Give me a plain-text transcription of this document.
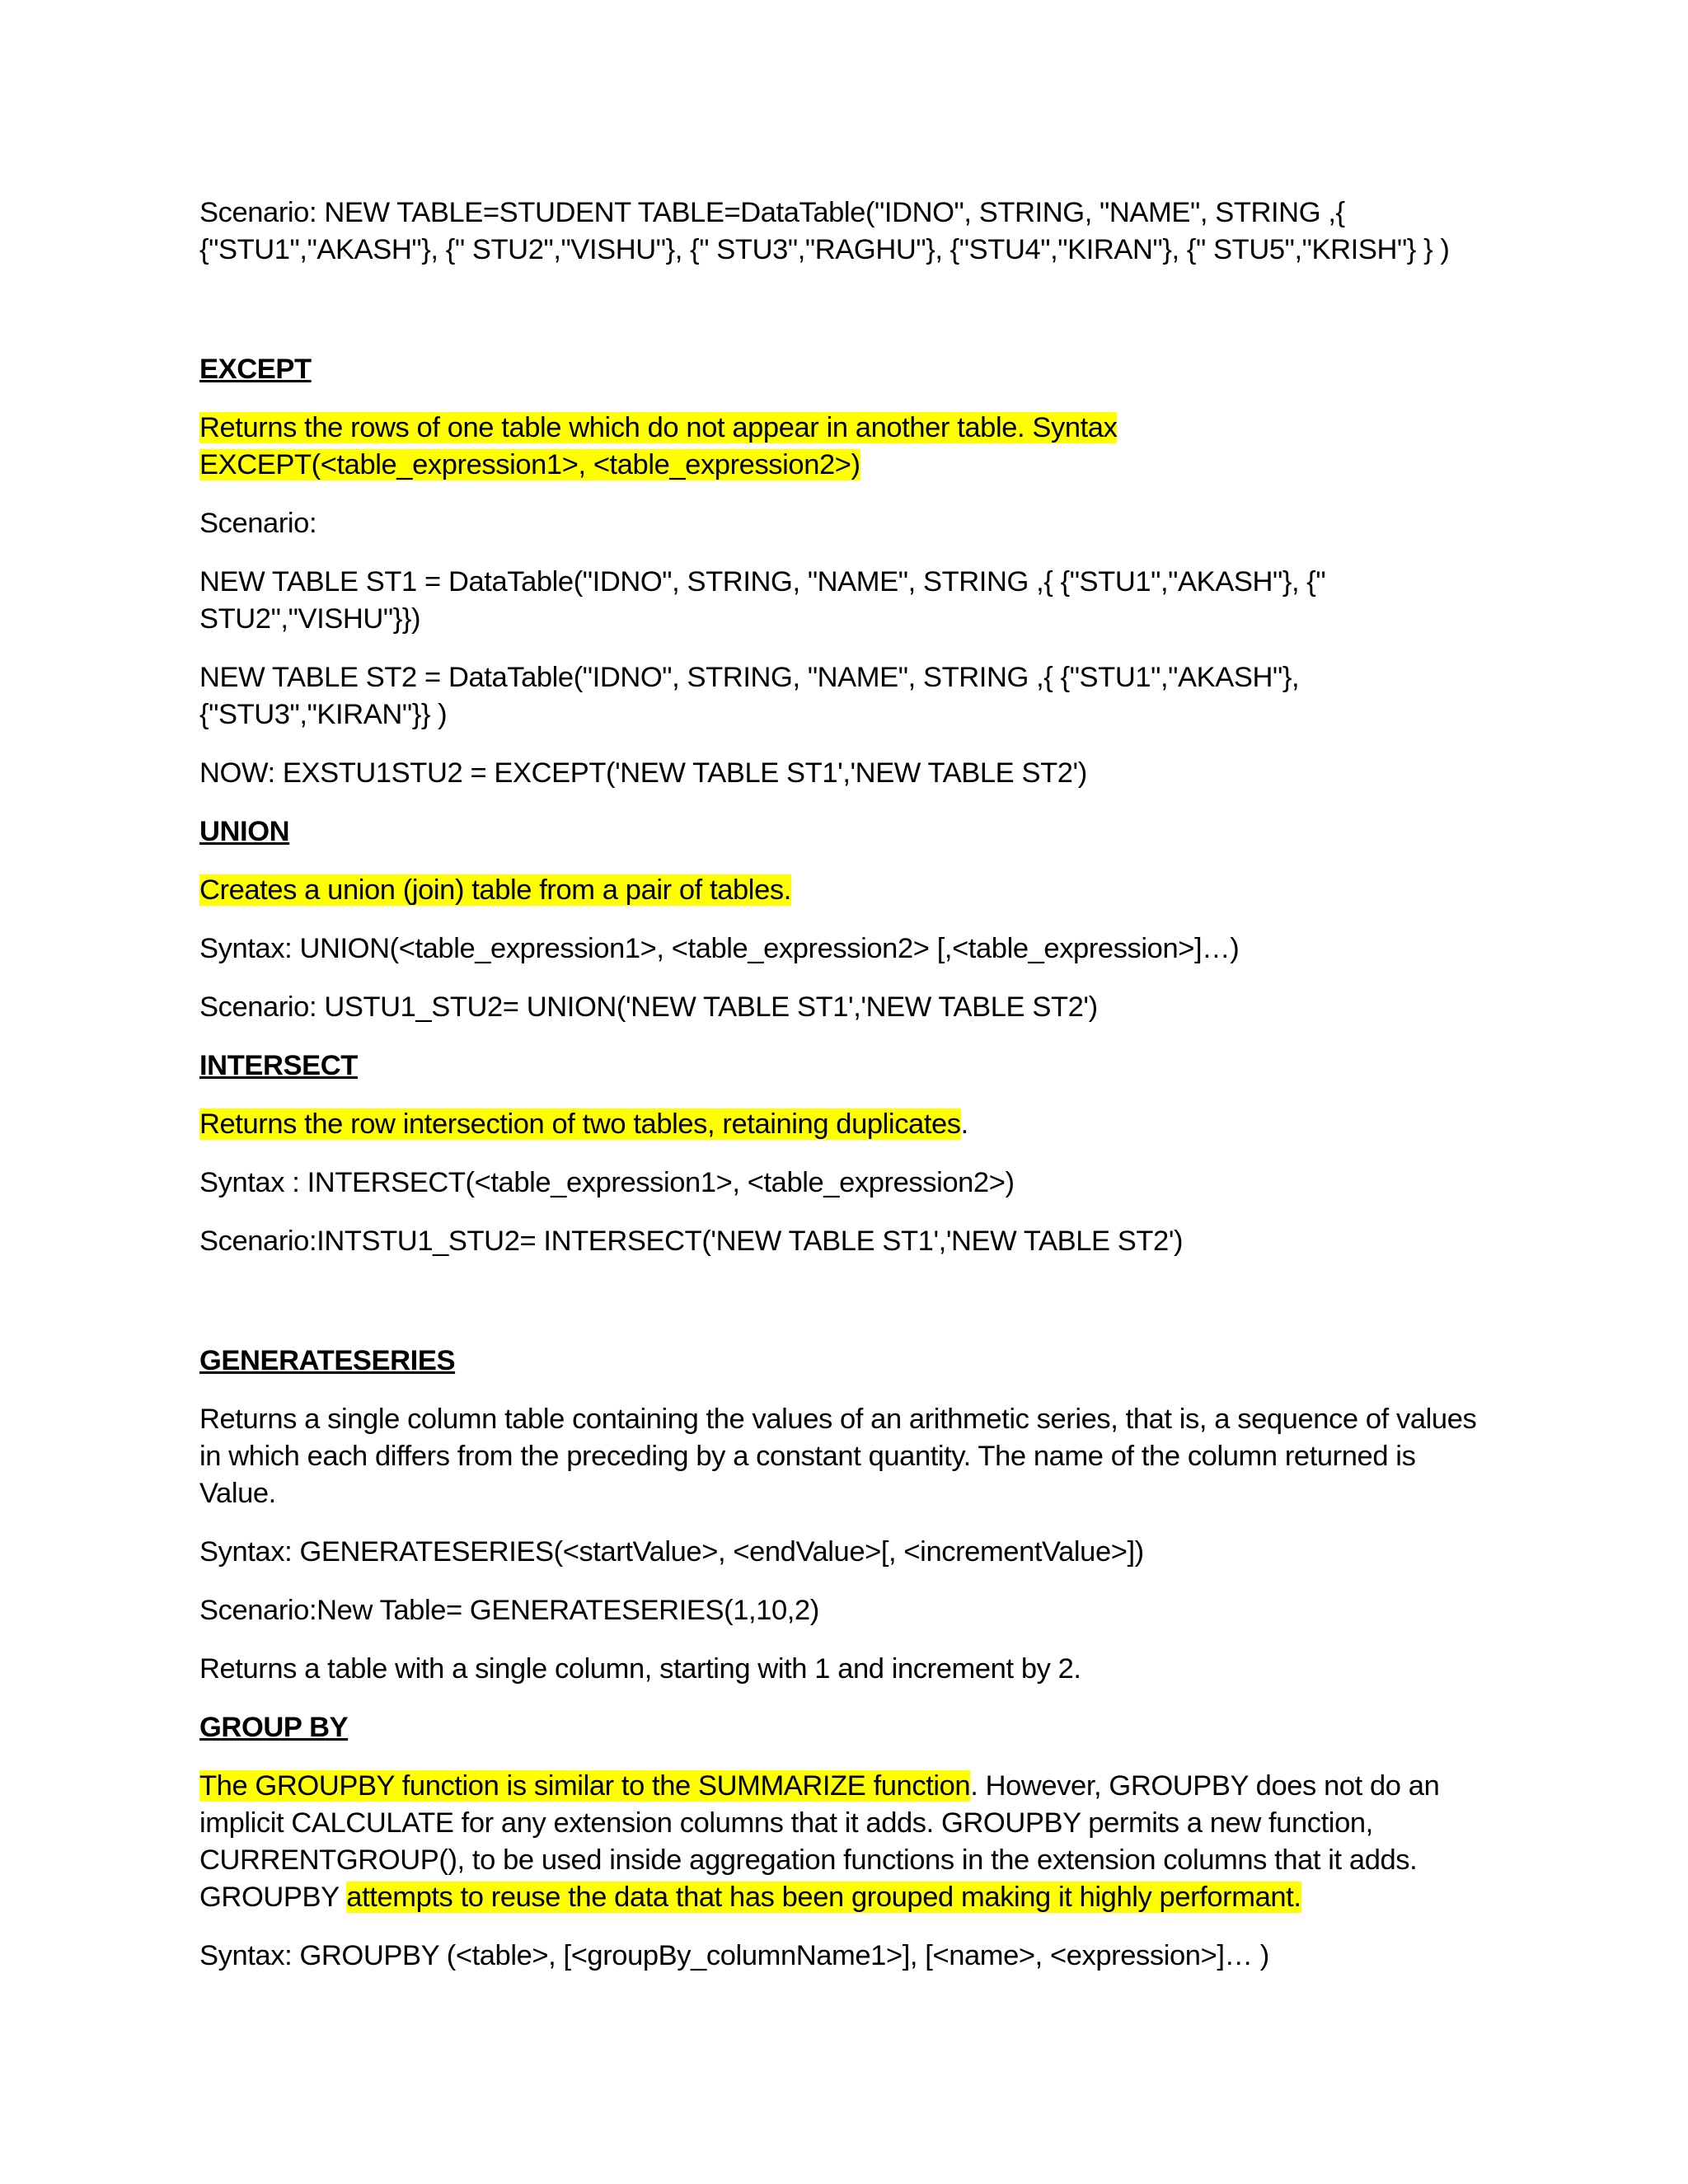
Scenario: NEW TABLE=STUDENT TABLE=DataTable("IDNO", STRING, "NAME", STRING ,{

{"STU1","AKASH"}, {" STU2","VISHU"}, {" STU3","RAGHU"}, {"STU4","KIRAN"}, {" STU5","KRISH"} } )

EXCEPT

Returns the rows of one table which do not appear in another table. Syntax
EXCEPT(<table_expression1>, <table_expression2>)

Scenario:

NEW TABLE ST1 = DataTable("IDNO", STRING, "NAME", STRING ,{ {"STU1","AKASH"}, {" STU2","VISHU"}})

NEW TABLE ST2 = DataTable("IDNO", STRING, "NAME", STRING ,{ {"STU1","AKASH"}, {"STU3","KIRAN"}} )

NOW: EXSTU1STU2 = EXCEPT('NEW TABLE ST1','NEW TABLE ST2')

UNION

Creates a union (join) table from a pair of tables.

Syntax: UNION(<table_expression1>, <table_expression2> [,<table_expression>]…)

Scenario: USTU1_STU2= UNION('NEW TABLE ST1','NEW TABLE ST2')

INTERSECT

Returns the row intersection of two tables, retaining duplicates.

Syntax : INTERSECT(<table_expression1>, <table_expression2>)

Scenario:INTSTU1_STU2= INTERSECT('NEW TABLE ST1','NEW TABLE ST2')

GENERATESERIES

Returns a single column table containing the values of an arithmetic series, that is, a sequence of values
in which each differs from the preceding by a constant quantity. The name of the column returned is
Value.

Syntax: GENERATESERIES(<startValue>, <endValue>[, <incrementValue>])

Scenario:New Table= GENERATESERIES(1,10,2)

Returns a table with a single column, starting with 1 and increment by 2.

GROUP BY

The GROUPBY function is similar to the SUMMARIZE function. However, GROUPBY does not do an
implicit CALCULATE for any extension columns that it adds. GROUPBY permits a new function,
CURRENTGROUP(), to be used inside aggregation functions in the extension columns that it adds.
GROUPBY attempts to reuse the data that has been grouped making it highly performant.

Syntax: GROUPBY (<table>, [<groupBy_columnName1>], [<name>, <expression>]… )
